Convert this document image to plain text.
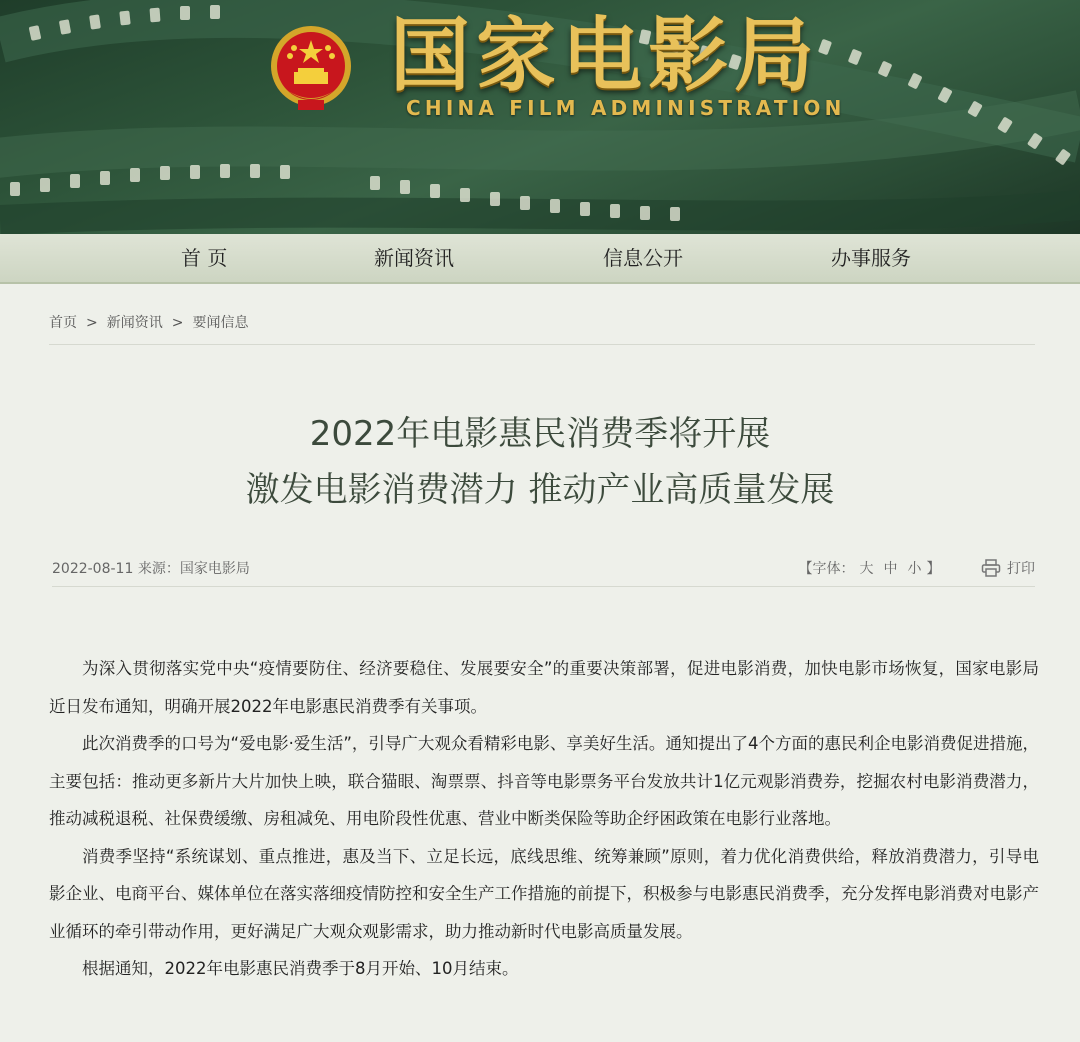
国家电影局
CHINA FILM ADMINISTRATION
首 页	新闻资讯	信息公开	办事服务
首页 > 新闻资讯 > 要闻信息
2022年电影惠民消费季将开展
激发电影消费潜力 推动产业高质量发展
2022-08-11 来源：国家电影局	【字体： 大 中 小 】	打印

为深入贯彻落实党中央“疫情要防住、经济要稳住、发展要安全”的重要决策部署，促进电影消费，加快电影市场恢复，国家电影局近日发布通知，明确开展2022年电影惠民消费季有关事项。

此次消费季的口号为“爱电影·爱生活”，引导广大观众看精彩电影、享美好生活。通知提出了4个方面的惠民利企电影消费促进措施，主要包括：推动更多新片大片加快上映，联合猫眼、淘票票、抖音等电影票务平台发放共计1亿元观影消费券，挖掘农村电影消费潜力，推动减税退税、社保费缓缴、房租减免、用电阶段性优惠、营业中断类保险等助企纾困政策在电影行业落地。

消费季坚持“系统谋划、重点推进，惠及当下、立足长远，底线思维、统筹兼顾”原则，着力优化消费供给，释放消费潜力，引导电影企业、电商平台、媒体单位在落实落细疫情防控和安全生产工作措施的前提下，积极参与电影惠民消费季，充分发挥电影消费对电影产业循环的牵引带动作用，更好满足广大观众观影需求，助力推动新时代电影高质量发展。

根据通知，2022年电影惠民消费季于8月开始、10月结束。
